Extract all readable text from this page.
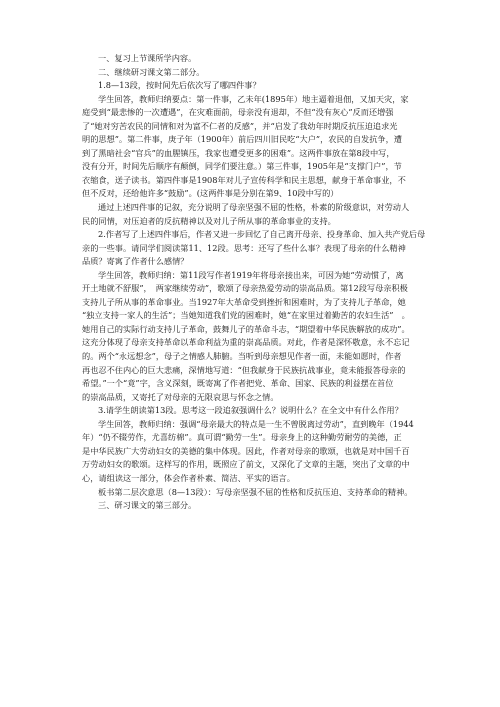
一、复习上节课所学内容。
二、继续研习课文第二部分。
1.8—13段，按时间先后依次写了哪四件事？
学生回答，教师归纳要点：第一件事，乙未年(1895年）地主逼着退佃，又加天灾，家
庭受到“最悲惨的一次遭遇”，在灾难面前，母亲没有退却，不但“没有灰心”反而还增强
了“她对穷苦农民的同情和对为富不仁者的反感”，并“启发了我幼年时期反抗压迫追求光
明的思想”。第二件事，庚子年（1900年）前后四川旧民吃“大户”，农民的自发抗争，遭
到了黑暗社会“官兵”的血腥镇压，我家也遭受更多的困难”。这两件事放在第8段中写，
没有分开，时间先后顺序有颠倒，同学们要注意。）第三件事，1905年是“支撑门户”，节
衣缩食，送子读书。第四件事是1908年对儿子宣传科学和民主思想，献身于革命事业，不
但不反对，还给他许多“鼓励”。(这两件事是分别在第9、10段中写的）
通过上述四件事的记叙，充分说明了母亲坚强不屈的性格，朴素的阶级意识，对劳动人
民的同情，对压迫者的反抗精神以及对儿子所从事的革命事业的支持。
2.作者写了上述四件事后，作者又进一步回忆了自己离开母亲、投身革命、加入共产党后母
亲的一些事。请同学们阅读第11、12段。思考：还写了些什么事？表现了母亲的什么精神
品质？寄寓了作者什么感情？
学生回答，教师归纳：第11段写作者1919年将母亲接出来，可因为她“劳动惯了，离
开土地就不舒服”，　两家继续劳动”，歌颂了母亲热爱劳动的崇高品质。第12段写母亲积极
支持儿子所从事的革命事业。当1927年大革命受到挫折和困难时，为了支持儿子革命，她
“独立支持一家人的生活”；当她知道我们党的困难时，她“在家里过着勤苦的农妇生活”　。
她用自己的实际行动支持儿子革命，鼓舞儿子的革命斗志，“期望着中华民族解放的成功”。
这充分体现了母亲支持革命以革命利益为重的崇高品质。对此，作者是深怀敬意，永不忘记
的。两个“永远想念”，母子之情感人肺腑。当听到母亲想见作者一面，未能如愿时，作者
再也忍不住内心的巨大悲痛，深情地写道：“但我献身于民族抗战事业，竟未能报答母亲的
希望。”一个“竟”字，含义深刻，既寄寓了作者把党、革命、国家、民族的利益摆在首位
的崇高品质，又寄托了对母亲的无限哀思与怀念之情。
3.请学生朗读第13段。思考这一段追叙强调什么？说明什么？在全文中有什么作用？
学生回答，教师归纳：强调“母亲最大的特点是一生不曾脱离过劳动”，直到晚年（1944
年）“仍不辍劳作，尤喜纺棉”。真可谓“勤劳一生”。母亲身上的这种勤劳耐劳的美德，正
是中华民族广大劳动妇女的美德的集中体现。因此，作者对母亲的歌颂，也就是对中国千百
万劳动妇女的歌颂。这样写的作用，既照应了前文，又深化了文章的主题，突出了文章的中
心，请组读这一部分，体会作者朴素、简洁、平实的语言。
板书第二层次意思（8—13段）：写母亲坚强不屈的性格和反抗压迫、支持革命的精神。
三、研习课文的第三部分。
